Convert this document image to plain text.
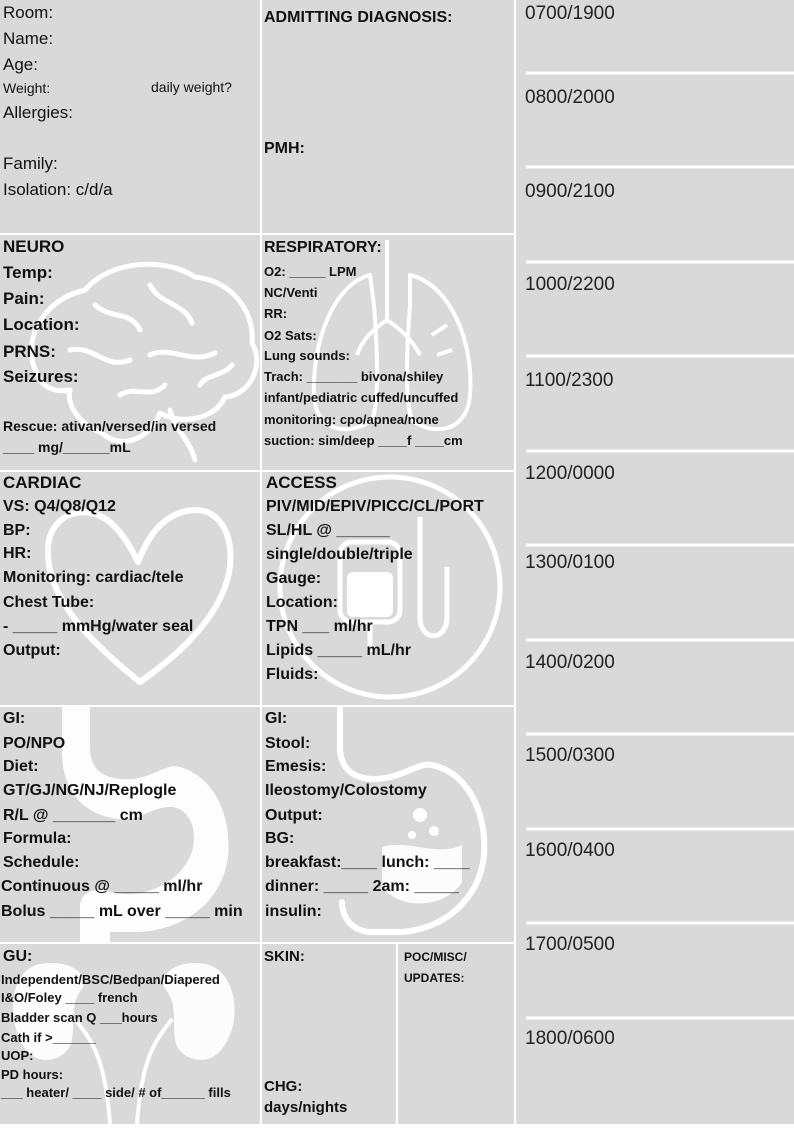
Room:
Name:
Age:
Weight:	daily weight?
Allergies:
Family:
Isolation: c/d/a
NEURO
Temp:
Pain:
Location:
PRNS:
Seizures:
Rescue: ativan/versed/in versed
____ mg/______mL
CARDIAC
VS: Q4/Q8/Q12
BP:
HR:
Monitoring: cardiac/tele
Chest Tube:
- _____ mmHg/water seal
Output:
GI:
PO/NPO
Diet:
GT/GJ/NG/NJ/Replogle
R/L @ _______ cm
Formula:
Schedule:
Continuous @ _____ ml/hr
Bolus _____ mL over _____ min
GU:
Independent/BSC/Bedpan/Diapered
I&O/Foley ____ french
Bladder scan Q ___hours
Cath if >______
UOP:
PD hours:
___ heater/ ____ side/ # of______ fills
ADMITTING DIAGNOSIS:
PMH:
RESPIRATORY:
O2: _____ LPM
NC/Venti
RR:
O2 Sats:
Lung sounds:
Trach: _______ bivona/shiley
infant/pediatric cuffed/uncuffed
monitoring: cpo/apnea/none
suction: sim/deep ____f ____cm
ACCESS
PIV/MID/EPIV/PICC/CL/PORT
SL/HL @ ______
single/double/triple
Gauge:
Location:
TPN ___ ml/hr
Lipids _____ mL/hr
Fluids:
GI:
Stool:
Emesis:
Ileostomy/Colostomy
Output:
BG:
breakfast:____ lunch: ____
dinner: _____ 2am: _____
insulin:
SKIN:
CHG:
days/nights
POC/MISC/
UPDATES:
0700/1900
0800/2000
0900/2100
1000/2200
1100/2300
1200/0000
1300/0100
1400/0200
1500/0300
1600/0400
1700/0500
1800/0600
